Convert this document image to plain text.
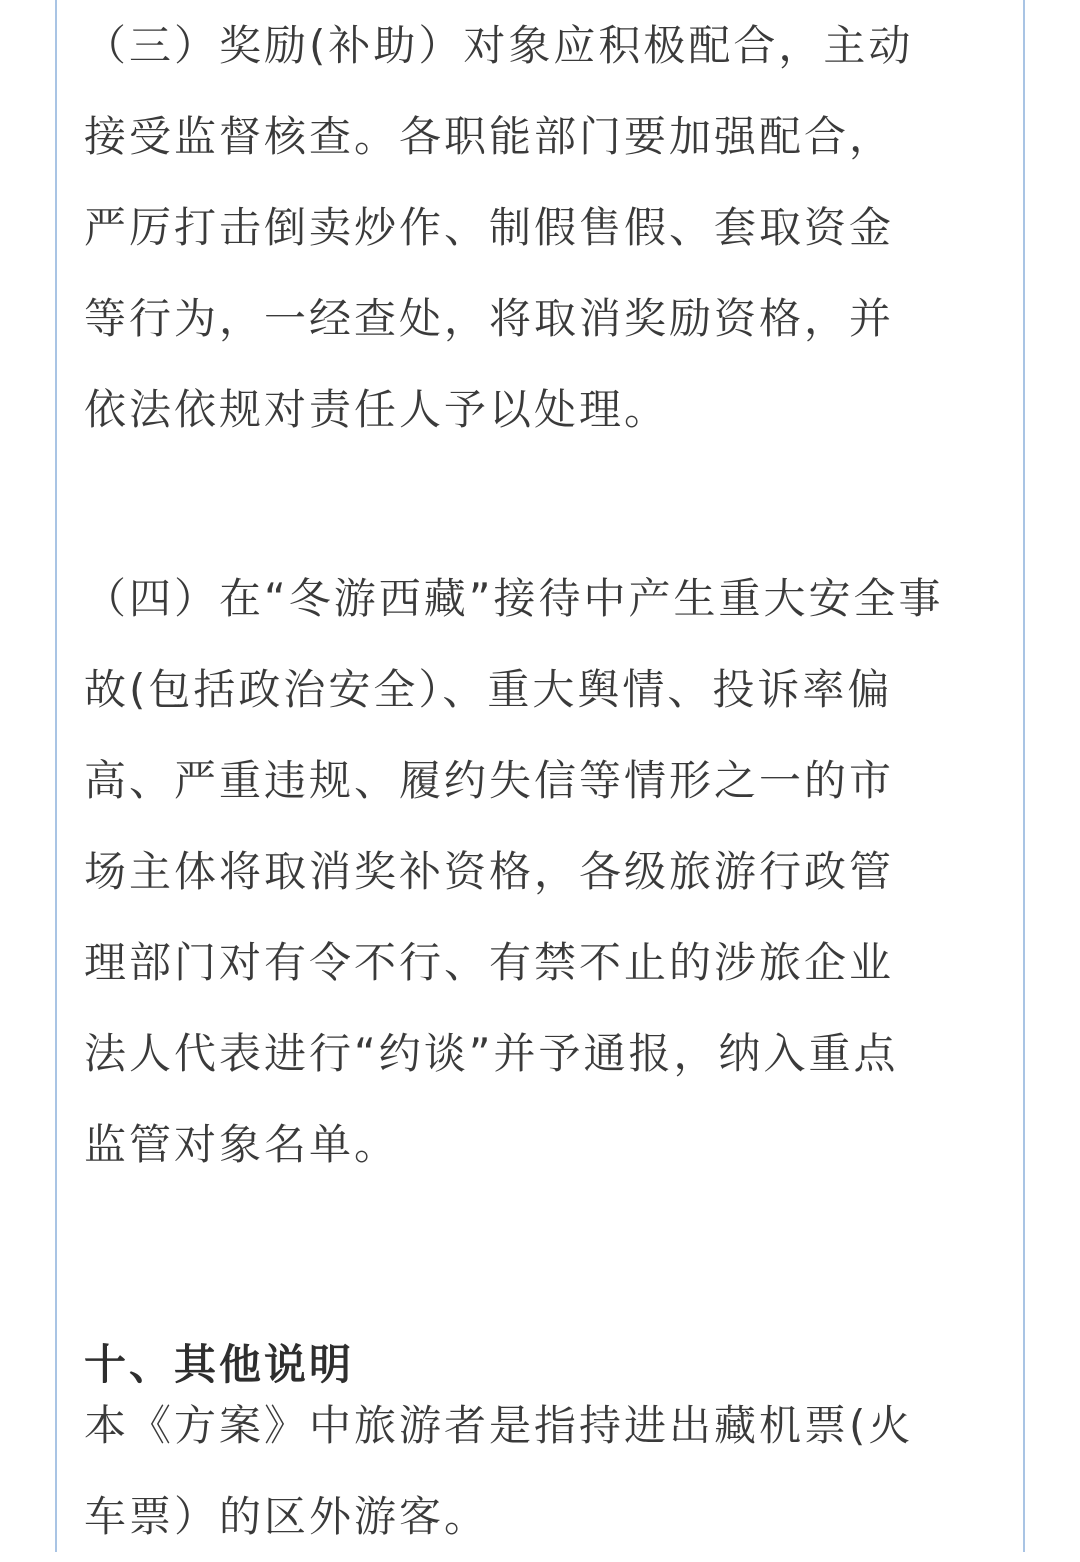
（三）奖励(补助）对象应积极配合，主动
接受监督核查。各职能部门要加强配合，
严厉打击倒卖炒作、制假售假、套取资金
等行为，一经查处，将取消奖励资格，并
依法依规对责任人予以处理。

（四）在“冬游西藏”接待中产生重大安全事
故(包括政治安全）、重大舆情、投诉率偏
高、严重违规、履约失信等情形之一的市
场主体将取消奖补资格，各级旅游行政管
理部门对有令不行、有禁不止的涉旅企业
法人代表进行“约谈”并予通报，纳入重点
监管对象名单。

十、其他说明

本《方案》中旅游者是指持进出藏机票(火
车票）的区外游客。
